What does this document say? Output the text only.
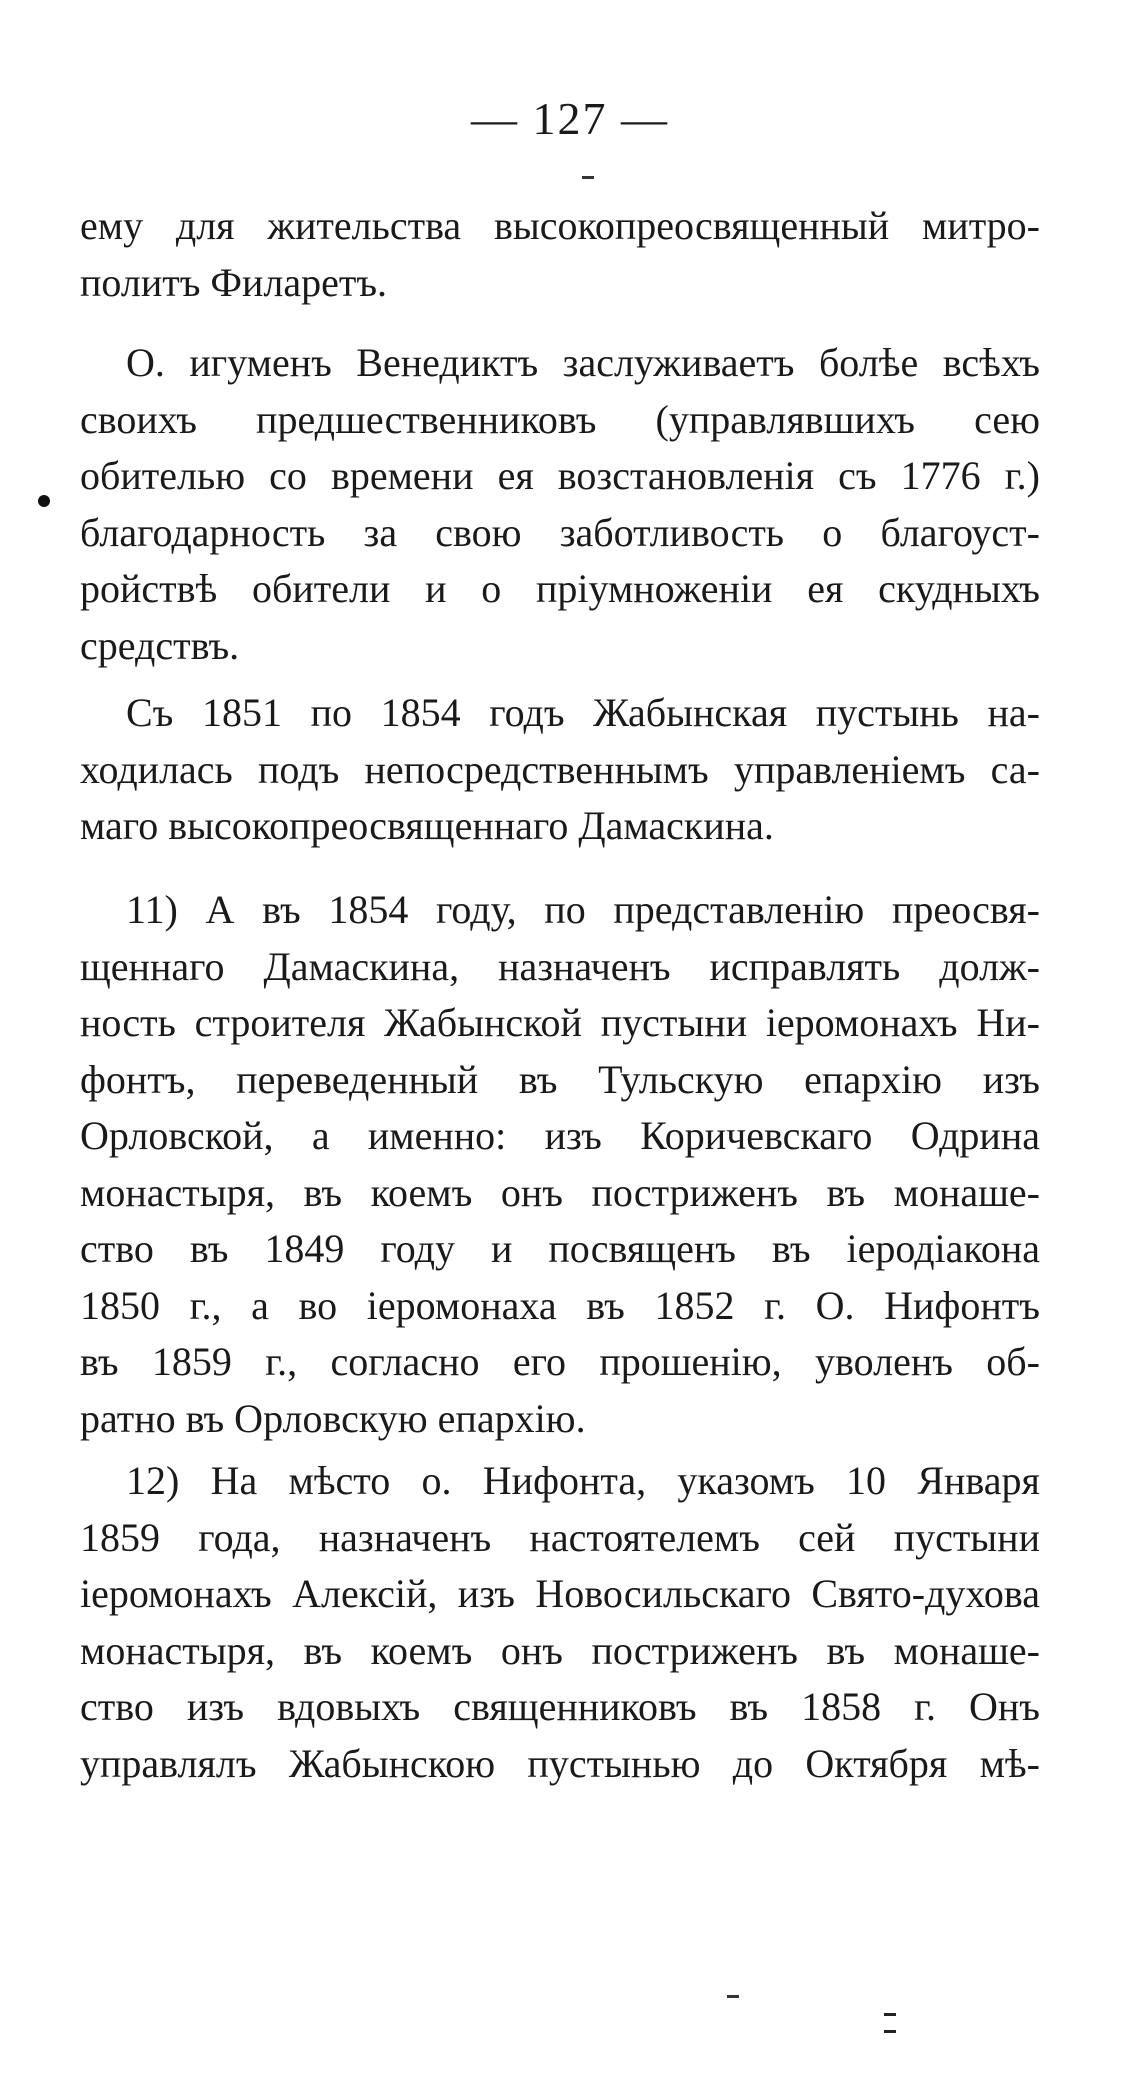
— 127 —
ему для жительства высокопреосвященный митро-
политъ Филаретъ.
О. игуменъ Венедиктъ заслуживаетъ болѣе всѣхъ
своихъ предшественниковъ (управлявшихъ сею
обителью со времени ея возстановленія съ 1776 г.)
благодарность за свою заботливость о благоуст-
ройствѣ обители и о пріумноженіи ея скудныхъ
средствъ.
Съ 1851 по 1854 годъ Жабынская пустынь на-
ходилась подъ непосредственнымъ управленіемъ са-
маго высокопреосвященнаго Дамаскина.
11) А въ 1854 году, по представленію преосвя-
щеннаго Дамаскина, назначенъ исправлять долж-
ность строителя Жабынской пустыни іеромонахъ Ни-
фонтъ, переведенный въ Тульскую епархію изъ
Орловской, а именно: изъ Коричевскаго Одрина
монастыря, въ коемъ онъ постриженъ въ монаше-
ство въ 1849 году и посвященъ въ іеродіакона
1850 г., а во іеромонаха въ 1852 г. О. Нифонтъ
въ 1859 г., согласно его прошенію, уволенъ об-
ратно въ Орловскую епархію.
12) На мѣсто о. Нифонта, указомъ 10 Января
1859 года, назначенъ настоятелемъ сей пустыни
іеромонахъ Алексій, изъ Новосильскаго Свято-духова
монастыря, въ коемъ онъ постриженъ въ монаше-
ство изъ вдовыхъ священниковъ въ 1858 г. Онъ
управлялъ Жабынскою пустынью до Октября мѣ-
